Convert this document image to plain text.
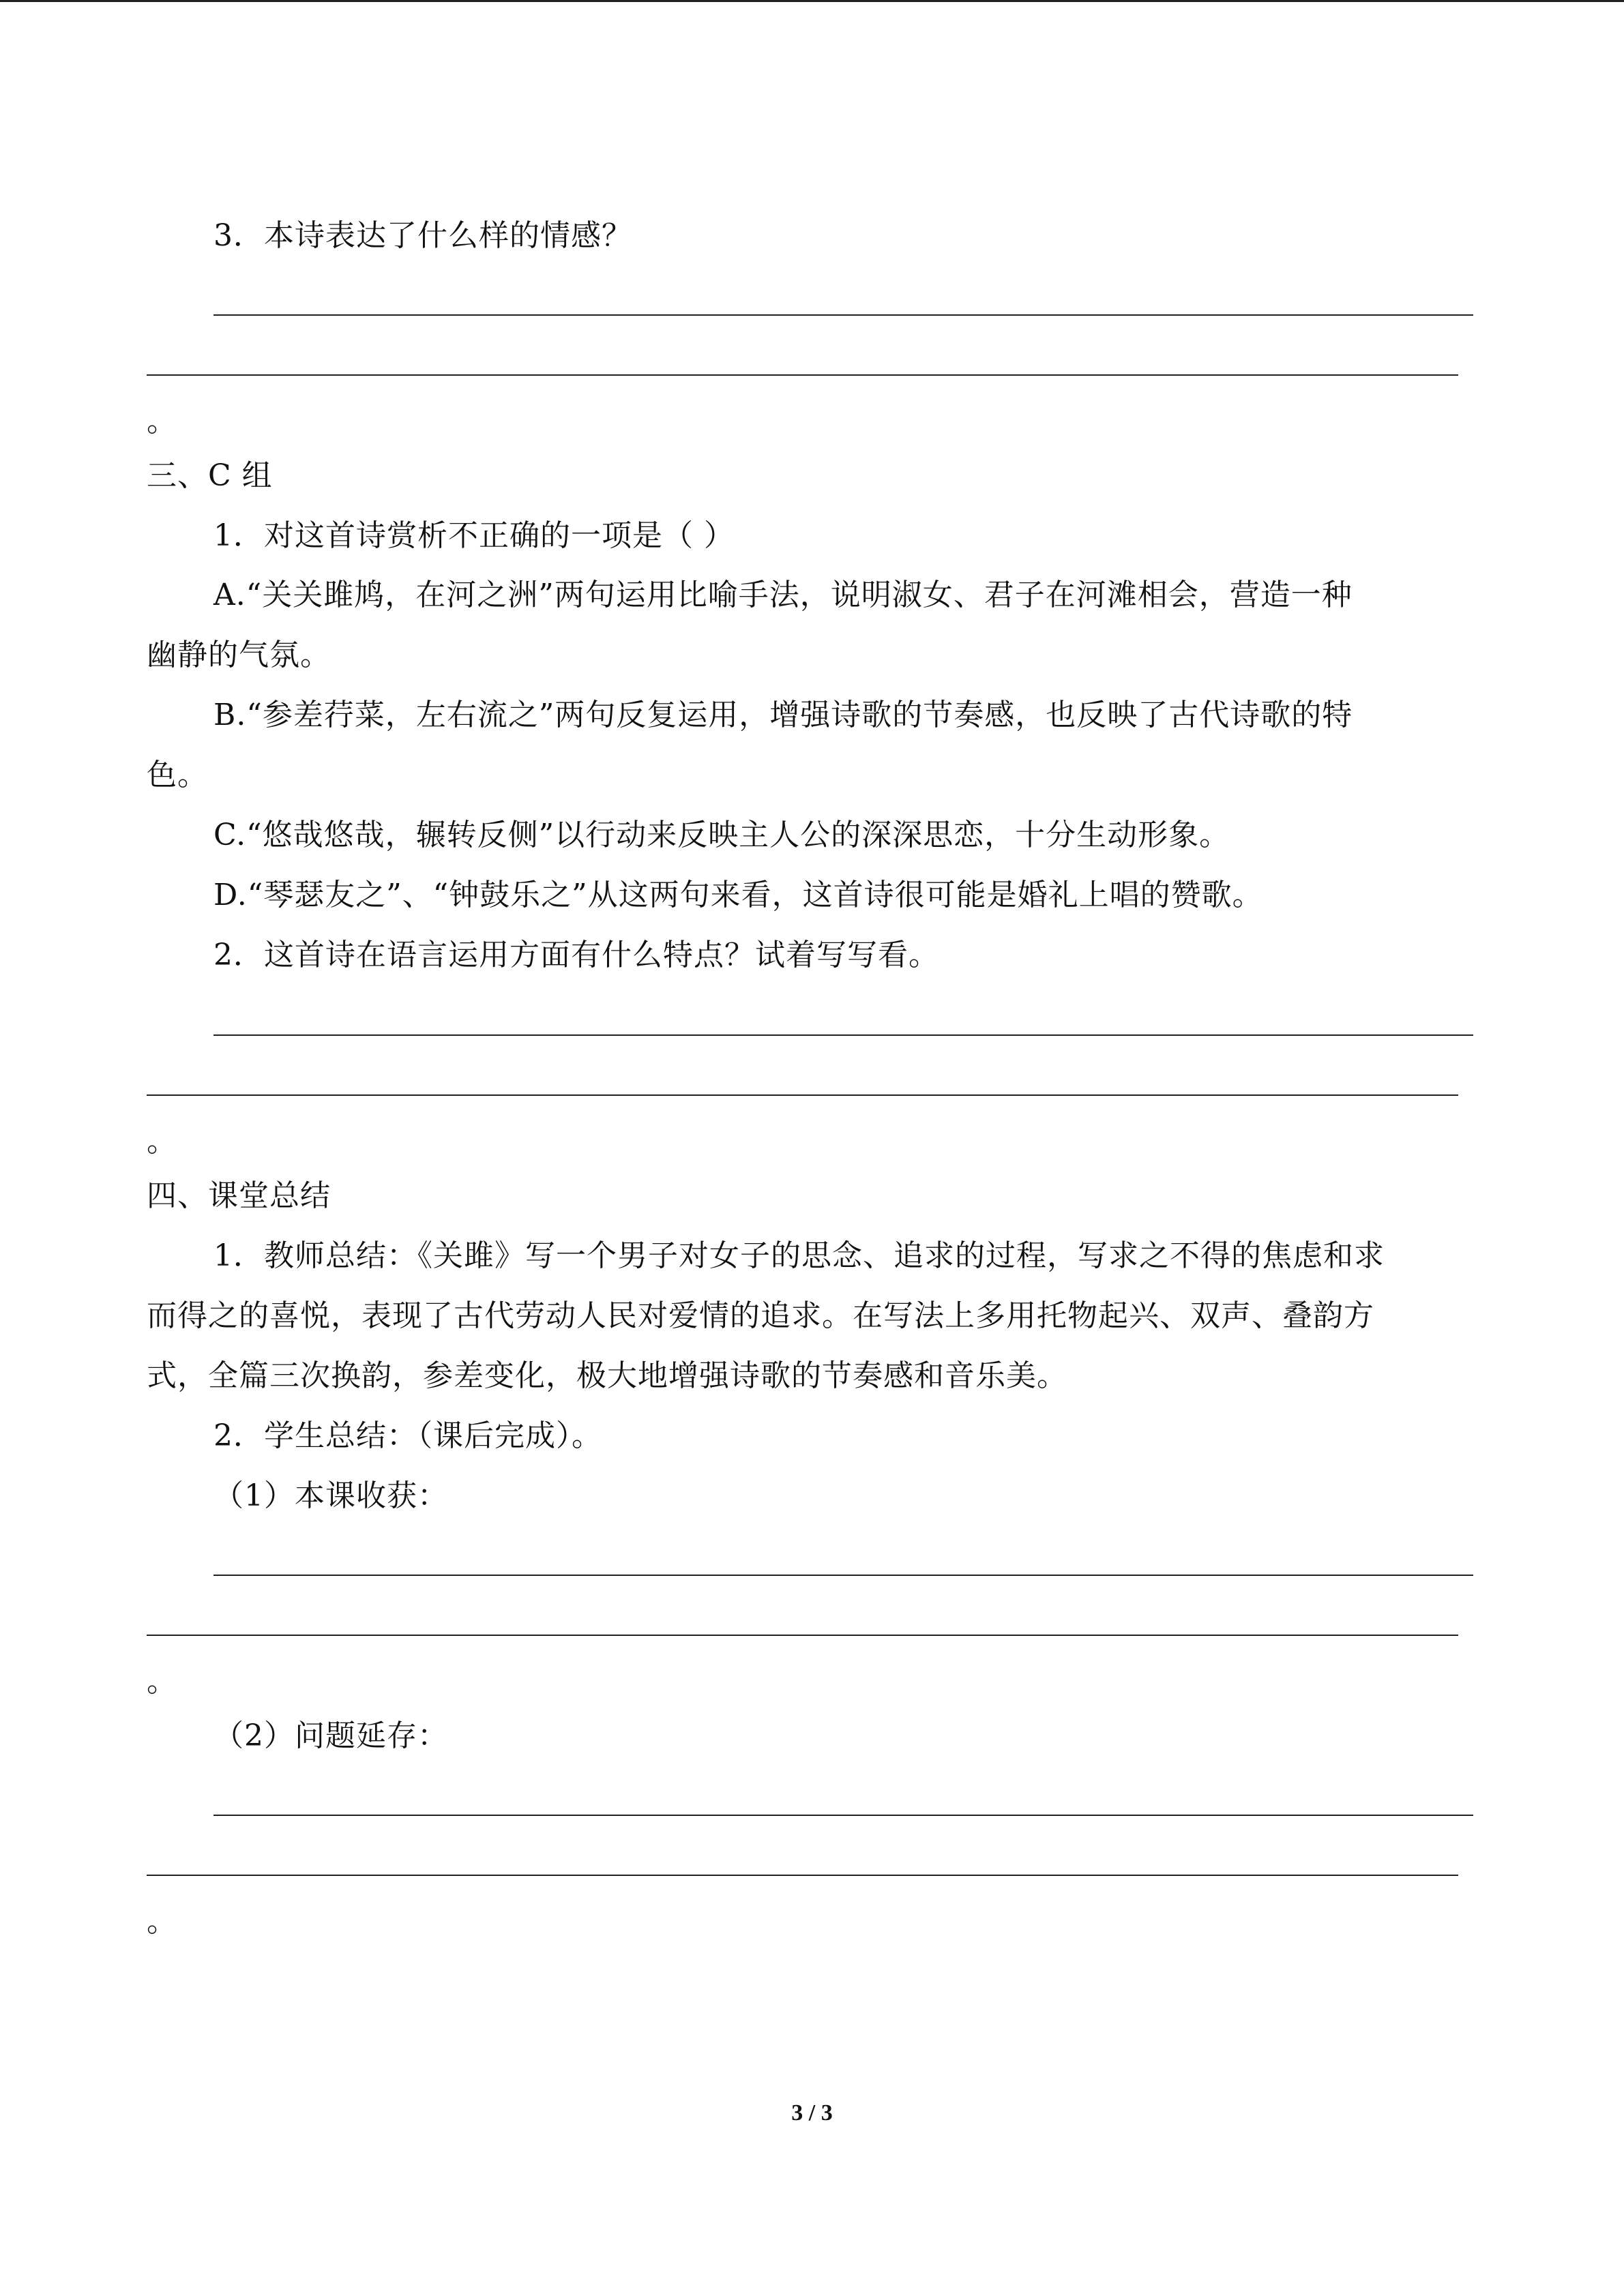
3．本诗表达了什么样的情感？
。
三、C 组
1．对这首诗赏析不正确的一项是（ ）
A.“关关雎鸠，在河之洲”两句运用比喻手法，说明淑女、君子在河滩相会，营造一种
幽静的气氛。
B.“参差荇菜，左右流之”两句反复运用，增强诗歌的节奏感，也反映了古代诗歌的特
色。
C.“悠哉悠哉，辗转反侧”以行动来反映主人公的深深思恋，十分生动形象。
D.“琴瑟友之”、“钟鼓乐之”从这两句来看，这首诗很可能是婚礼上唱的赞歌。
2．这首诗在语言运用方面有什么特点？试着写写看。
。
四、课堂总结
1．教师总结：《关雎》写一个男子对女子的思念、追求的过程，写求之不得的焦虑和求
而得之的喜悦，表现了古代劳动人民对爱情的追求。在写法上多用托物起兴、双声、叠韵方
式，全篇三次换韵，参差变化，极大地增强诗歌的节奏感和音乐美。
2．学生总结：（课后完成）。
（1）本课收获：
。
（2）问题延存：
。
3 / 3
